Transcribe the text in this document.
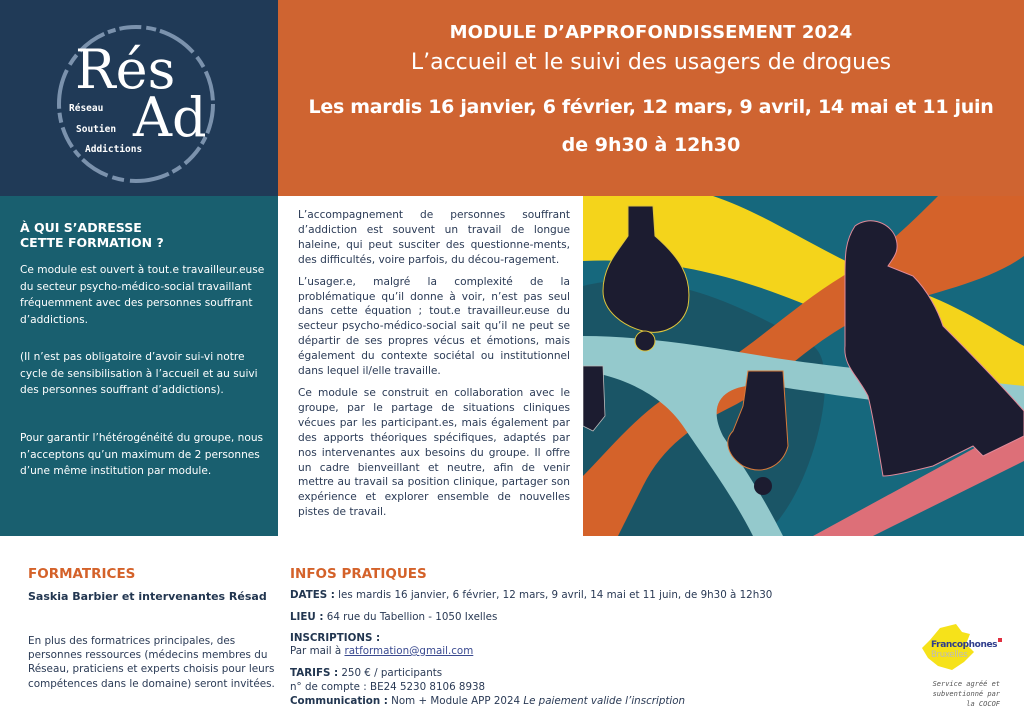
Rés
Ad
Réseau
Soutien
Addictions
MODULE D’APPROFONDISSEMENT 2024
L’accueil et le suivi des usagers de drogues
Les mardis 16 janvier, 6 février, 12 mars, 9 avril, 14 mai et 11 juin
de 9h30 à 12h30
À QUI S’ADRESSE
CETTE FORMATION ?
Ce module est ouvert à tout.e travailleur.euse du secteur psycho-médico-social travaillant fréquemment avec des personnes souffrant d’addictions.
(Il n’est pas obligatoire d’avoir sui-vi notre cycle de sensibilisation à l’accueil et au suivi des personnes souffrant d’addictions).
Pour garantir l’hétérogénéité du groupe, nous n’acceptons qu’un maximum de 2 personnes d’une même institution par module.

L’accompagnement de personnes souffrant d’addiction est souvent un travail de longue haleine, qui peut susciter des questionne-ments, des difficultés, voire parfois, du décou-ragement.

L’usager.e, malgré la complexité de la problématique qu’il donne à voir, n’est pas seul dans cette équation ; tout.e travailleur.euse du secteur psycho-médico-social sait qu’il ne peut se départir de ses propres vécus et émotions, mais également du contexte sociétal ou institutionnel dans lequel il/elle travaille.

Ce module se construit en collaboration avec le groupe, par le partage de situations cliniques vécues par les participant.es, mais également par des apports théoriques spécifiques, adaptés par nos intervenantes aux besoins du groupe. Il offre un cadre bienveillant et neutre, afin de venir mettre au travail sa position clinique, partager son expérience et explorer ensemble de nouvelles pistes de travail.

FORMATRICES
Saskia Barbier et intervenantes Résad
En plus des formatrices principales, des personnes ressources (médecins membres du Réseau, praticiens et experts choisis pour leurs compétences dans le domaine) seront invitées.
INFOS PRATIQUES
DATES : les mardis 16 janvier, 6 février, 12 mars, 9 avril, 14 mai et 11 juin, de 9h30 à 12h30
LIEU : 64 rue du Tabellion - 1050 Ixelles
INSCRIPTIONS :
Par mail à ratformation@gmail.com
TARIFS : 250 € / participants
n° de compte : BE24 5230 8106 8938
Communication : Nom + Module APP 2024 Le paiement valide l’inscription
Francophones
Bruxelles
Service agréé et
subventionné par
la COCOF
